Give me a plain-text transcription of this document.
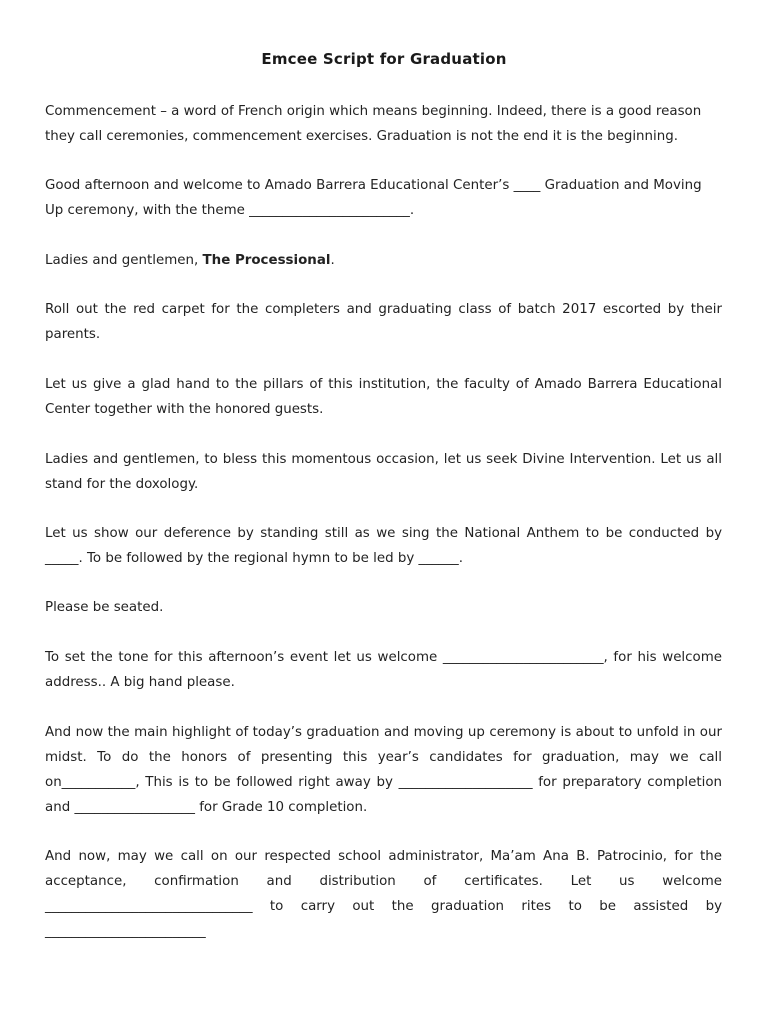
Emcee Script for Graduation

Commencement – a word of French origin which means beginning. Indeed, there is a good reason they call ceremonies, commencement exercises. Graduation is not the end it is the beginning.

Good afternoon and welcome to Amado Barrera Educational Center’s ____ Graduation and Moving Up ceremony, with the theme ________________________.

Ladies and gentlemen, The Processional.

Roll out the red carpet for the completers and graduating class of batch 2017 escorted by their parents.

Let us give a glad hand to the pillars of this institution, the faculty of Amado Barrera Educational Center together with the honored guests.

Ladies and gentlemen, to bless this momentous occasion, let us seek Divine Intervention. Let us all stand for the doxology.

Let us show our deference by standing still as we sing the National Anthem to be conducted by _____. To be followed by the regional hymn to be led by ______.

Please be seated.

To set the tone for this afternoon’s event let us welcome ________________________, for his welcome address.. A big hand please.

And now the main highlight of today’s graduation and moving up ceremony is about to unfold in our midst. To do the honors of presenting this year’s candidates for graduation, may we call on___________, This is to be followed right away by ____________________ for preparatory completion and __________________ for Grade 10 completion.

And now, may we call on our respected school administrator, Ma’am Ana B. Patrocinio, for the acceptance, confirmation and distribution of certificates. Let us welcome _______________________________ to carry out the graduation rites to be assisted by ________________________
